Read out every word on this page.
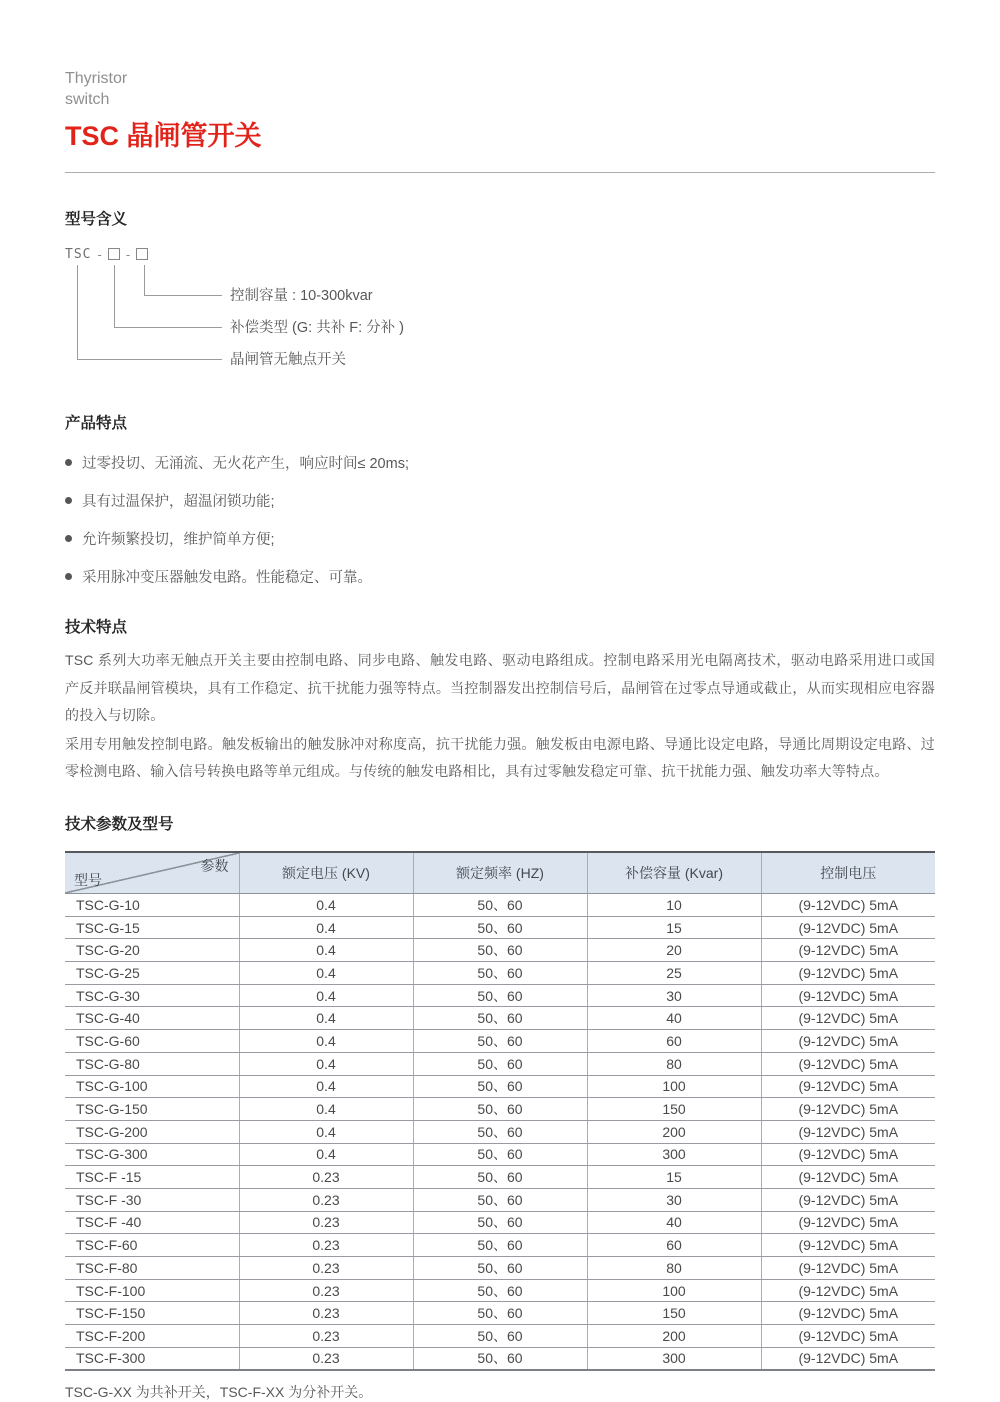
Thyristor
switch
TSC 晶闸管开关
型号含义
TSC - -
控制容量 : 10-300kvar
补偿类型 (G: 共补 F: 分补 )
晶闸管无触点开关
产品特点
过零投切、无涌流、无火花产生，响应时间≤ 20ms;
具有过温保护，超温闭锁功能;
允许频繁投切，维护简单方便;
采用脉冲变压器触发电路。性能稳定、可靠。
技术特点

TSC 系列大功率无触点开关主要由控制电路、同步电路、触发电路、驱动电路组成。控制电路采用光电隔离技术，驱动电路采用进口或国产反并联晶闸管模块，具有工作稳定、抗干扰能力强等特点。当控制器发出控制信号后，晶闸管在过零点导通或截止，从而实现相应电容器的投入与切除。

采用专用触发控制电路。触发板输出的触发脉冲对称度高，抗干扰能力强。触发板由电源电路、导通比设定电路，导通比周期设定电路、过零检测电路、输入信号转换电路等单元组成。与传统的触发电路相比，具有过零触发稳定可靠、抗干扰能力强、触发功率大等特点。

技术参数及型号
参数
型号	额定电压 (KV)	额定频率 (HZ)	补偿容量 (Kvar)	控制电压
TSC-G-10	0.4	50、60	10	(9-12VDC) 5mA
TSC-G-15	0.4	50、60	15	(9-12VDC) 5mA
TSC-G-20	0.4	50、60	20	(9-12VDC) 5mA
TSC-G-25	0.4	50、60	25	(9-12VDC) 5mA
TSC-G-30	0.4	50、60	30	(9-12VDC) 5mA
TSC-G-40	0.4	50、60	40	(9-12VDC) 5mA
TSC-G-60	0.4	50、60	60	(9-12VDC) 5mA
TSC-G-80	0.4	50、60	80	(9-12VDC) 5mA
TSC-G-100	0.4	50、60	100	(9-12VDC) 5mA
TSC-G-150	0.4	50、60	150	(9-12VDC) 5mA
TSC-G-200	0.4	50、60	200	(9-12VDC) 5mA
TSC-G-300	0.4	50、60	300	(9-12VDC) 5mA
TSC-F -15	0.23	50、60	15	(9-12VDC) 5mA
TSC-F -30	0.23	50、60	30	(9-12VDC) 5mA
TSC-F -40	0.23	50、60	40	(9-12VDC) 5mA
TSC-F-60	0.23	50、60	60	(9-12VDC) 5mA
TSC-F-80	0.23	50、60	80	(9-12VDC) 5mA
TSC-F-100	0.23	50、60	100	(9-12VDC) 5mA
TSC-F-150	0.23	50、60	150	(9-12VDC) 5mA
TSC-F-200	0.23	50、60	200	(9-12VDC) 5mA
TSC-F-300	0.23	50、60	300	(9-12VDC) 5mA

TSC-G-XX 为共补开关，TSC-F-XX 为分补开关。
